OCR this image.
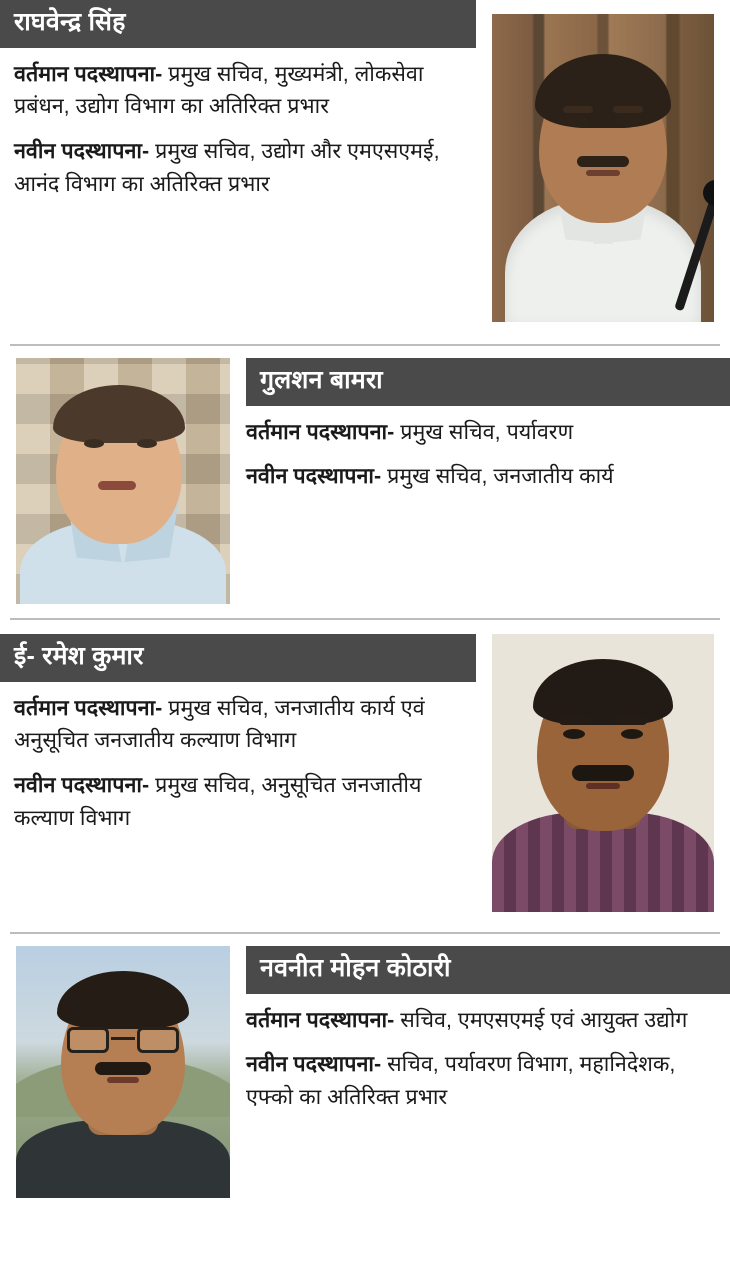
राघवेन्द्र सिंह
वर्तमान पदस्थापना- प्रमुख सचिव, मुख्यमंत्री, लोकसेवा प्रबंधन, उद्योग विभाग का अतिरिक्त प्रभार
नवीन पदस्थापना- प्रमुख सचिव, उद्योग और एमएसएमई, आनंद विभाग का अतिरिक्त प्रभार
गुलशन बामरा
वर्तमान पदस्थापना- प्रमुख सचिव, पर्यावरण
नवीन पदस्थापना- प्रमुख सचिव, जनजातीय कार्य
ई- रमेश कुमार
वर्तमान पदस्थापना- प्रमुख सचिव, जनजातीय कार्य एवं अनुसूचित जनजातीय कल्याण विभाग
नवीन पदस्थापना- प्रमुख सचिव, अनुसूचित जनजातीय कल्याण विभाग
नवनीत मोहन कोठारी
वर्तमान पदस्थापना- सचिव, एमएसएमई एवं आयुक्त उद्योग
नवीन पदस्थापना- सचिव, पर्यावरण विभाग, महानिदेशक, एफ्को का अतिरिक्त प्रभार
